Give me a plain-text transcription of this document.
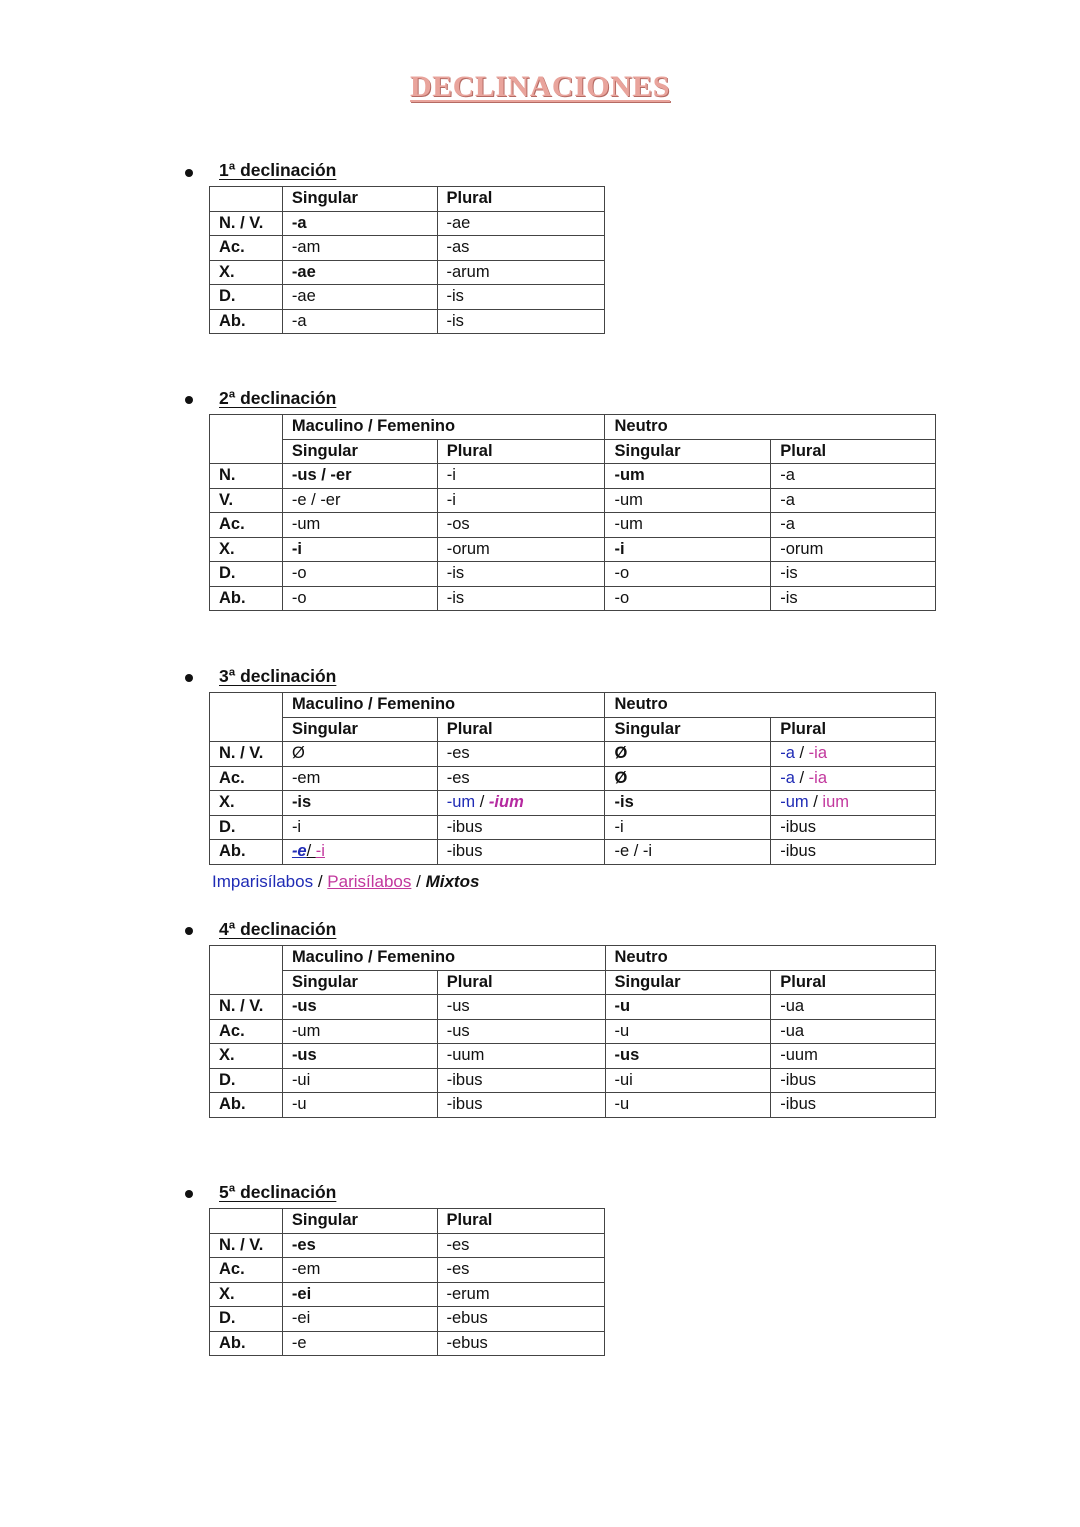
DECLINACIONES
1ª declinación
	Singular	Plural
N. / V.	-a	-ae
Ac.	-am	-as
X.	-ae	-arum
D.	-ae	-is
Ab.	-a	-is
2ª declinación
	Maculino / Femenino		Neutro	
	Singular	Plural	Singular	Plural
N.	-us / -er	-i	-um	-a
V.	-e / -er	-i	-um	-a
Ac.	-um	-os	-um	-a
X.	-i	-orum	-i	-orum
D.	-o	-is	-o	-is
Ab.	-o	-is	-o	-is
3ª declinación
	Maculino / Femenino		Neutro	
	Singular	Plural	Singular	Plural
N. / V.	Ø	-es	Ø	-a / -ia
Ac.	-em	-es	Ø	-a / -ia
X.	-is	-um / -ium	-is	-um / ium
D.	-i	-ibus	-i	-ibus
Ab.	-e/ -i	-ibus	-e / -i	-ibus
Imparisílabos / Parisílabos / Mixtos
4ª declinación
	Maculino / Femenino		Neutro	
	Singular	Plural	Singular	Plural
N. / V.	-us	-us	-u	-ua
Ac.	-um	-us	-u	-ua
X.	-us	-uum	-us	-uum
D.	-ui	-ibus	-ui	-ibus
Ab.	-u	-ibus	-u	-ibus
5ª declinación
	Singular	Plural
N. / V.	-es	-es
Ac.	-em	-es
X.	-ei	-erum
D.	-ei	-ebus
Ab.	-e	-ebus
